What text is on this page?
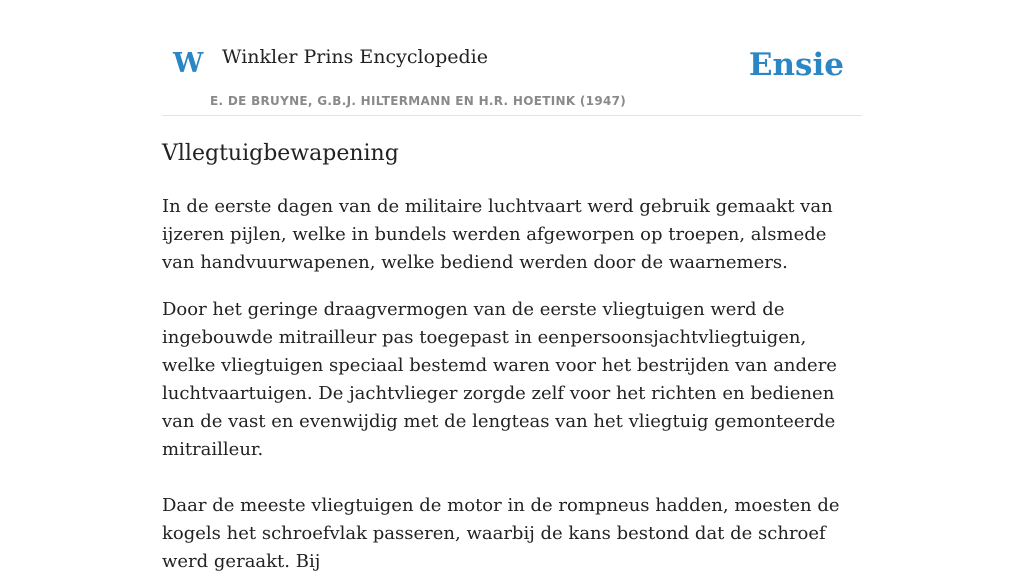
W Winkler Prins Encyclopedie
E. DE BRUYNE, G.B.J. HILTERMANN EN H.R. HOETINK (1947)
Ensie
Vllegtuigbewapening

In de eerste dagen van de militaire luchtvaart werd gebruik gemaakt van ijzeren pijlen, welke in bundels werden afgeworpen op troepen, alsmede van handvuurwapenen, welke bediend werden door de waarnemers.

Door het geringe draagvermogen van de eerste vliegtuigen werd de ingebouwde mitrailleur pas toegepast in eenpersoonsjachtvliegtuigen, welke vliegtuigen speciaal bestemd waren voor het bestrijden van andere luchtvaartuigen. De jachtvlieger zorgde zelf voor het richten en bedienen van de vast en evenwijdig met de lengteas van het vliegtuig gemonteerde mitrailleur.

Daar de meeste vliegtuigen de motor in de rompneus hadden, moesten de kogels het schroefvlak passeren, waarbij de kans bestond dat de schroef werd geraakt. Bij
